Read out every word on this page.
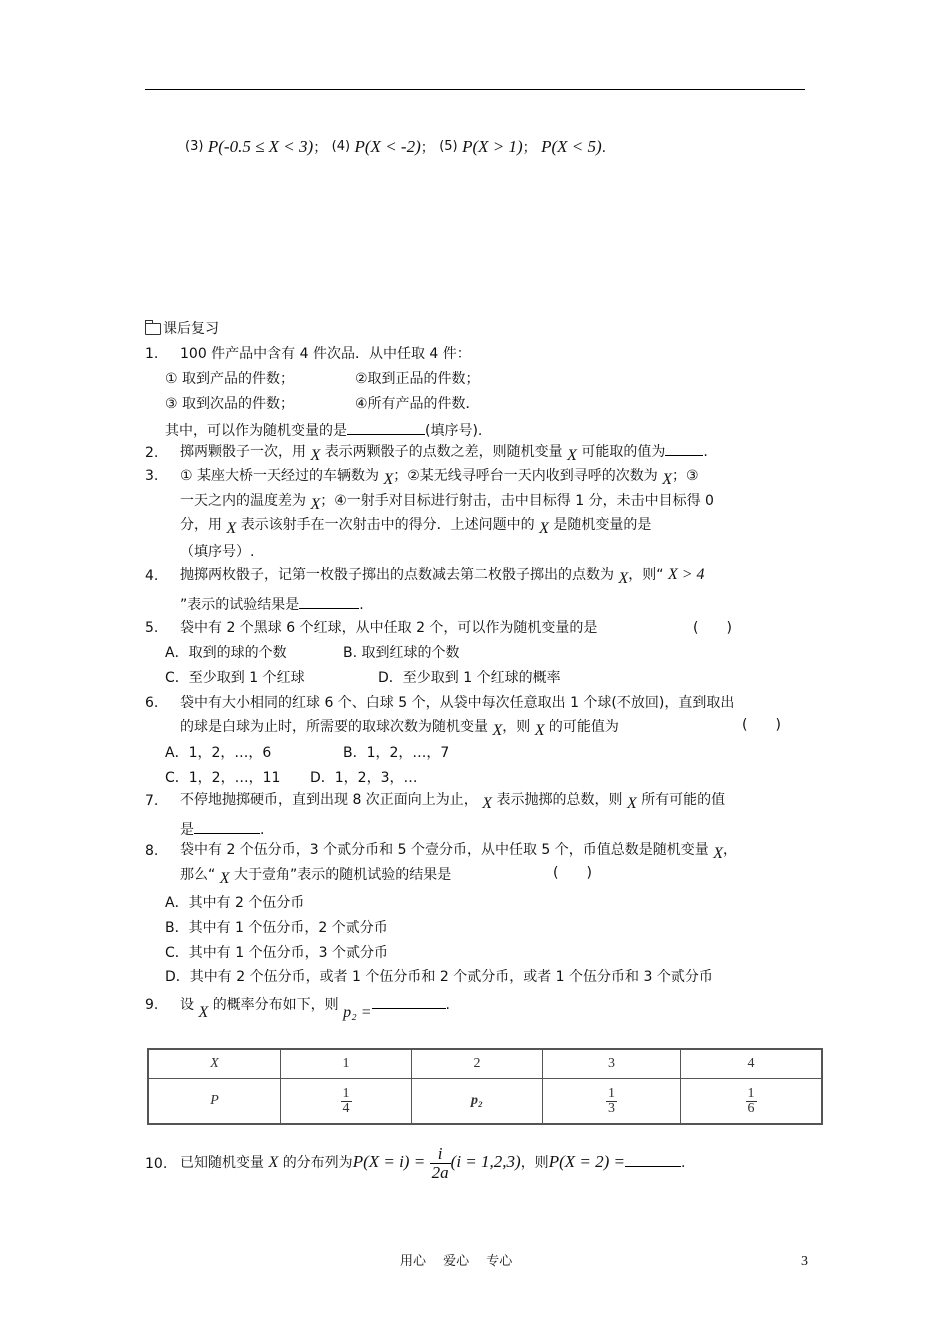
(3) P(-0.5 ≤ X < 3)； (4) P(X < -2)； (5) P(X > 1)； P(X < 5).
课后复习
1. 100 件产品中含有 4 件次品．从中任取 4 件：
① 取到产品的件数；	②取到正品的件数；
③ 取到次品的件数；	④所有产品的件数．
其中，可以作为随机变量的是	(填序号).
2. 掷两颗骰子一次，用 X 表示两颗骰子的点数之差，则随机变量 X 可能取的值为	.
3. ① 某座大桥一天经过的车辆数为 X；②某无线寻呼台一天内收到寻呼的次数为 X；③
一天之内的温度差为 X；④一射手对目标进行射击，击中目标得 1 分，未击中目标得 0
分，用 X 表示该射手在一次射击中的得分．上述问题中的 X 是随机变量的是
（填序号）.
4. 抛掷两枚骰子，记第一枚骰子掷出的点数减去第二枚骰子掷出的点数为 X，则“ X > 4
”表示的试验结果是	.
5. 袋中有 2 个黑球 6 个红球，从中任取 2 个，可以作为随机变量的是	(　　)
A．取到的球的个数	B. 取到红球的个数
C．至少取到 1 个红球	D．至少取到 1 个红球的概率
6. 袋中有大小相同的红球 6 个、白球 5 个，从袋中每次任意取出 1 个球(不放回)，直到取出
的球是白球为止时，所需要的取球次数为随机变量 X，则 X 的可能值为	(　　)
A．1，2，…，6	B．1，2，…，7
C．1，2，…，11 D．1，2，3，…
7. 不停地抛掷硬币，直到出现 8 次正面向上为止， X 表示抛掷的总数，则 X 所有可能的值
是	.
8. 袋中有 2 个伍分币，3 个贰分币和 5 个壹分币，从中任取 5 个，币值总数是随机变量 X，
那么“ X 大于壹角”表示的随机试验的结果是	(　　)
A．其中有 2 个伍分币
B．其中有 1 个伍分币，2 个贰分币
C．其中有 1 个伍分币，3 个贰分币
D．其中有 2 个伍分币，或者 1 个伍分币和 2 个贰分币，或者 1 个伍分币和 3 个贰分币
9. 设 X 的概率分布如下，则 p₂ =	.
X	1	2	3	4
P	$\frac{1}{4}$	p₂	$\frac{1}{3}$	$\frac{1}{6}$
10. 已知随机变量 X 的分布列为$P(X = i) = \frac{i}{2a} (i = 1,2,3)$，则P(X = 2) =	.
用心　 爱心　 专心	3
